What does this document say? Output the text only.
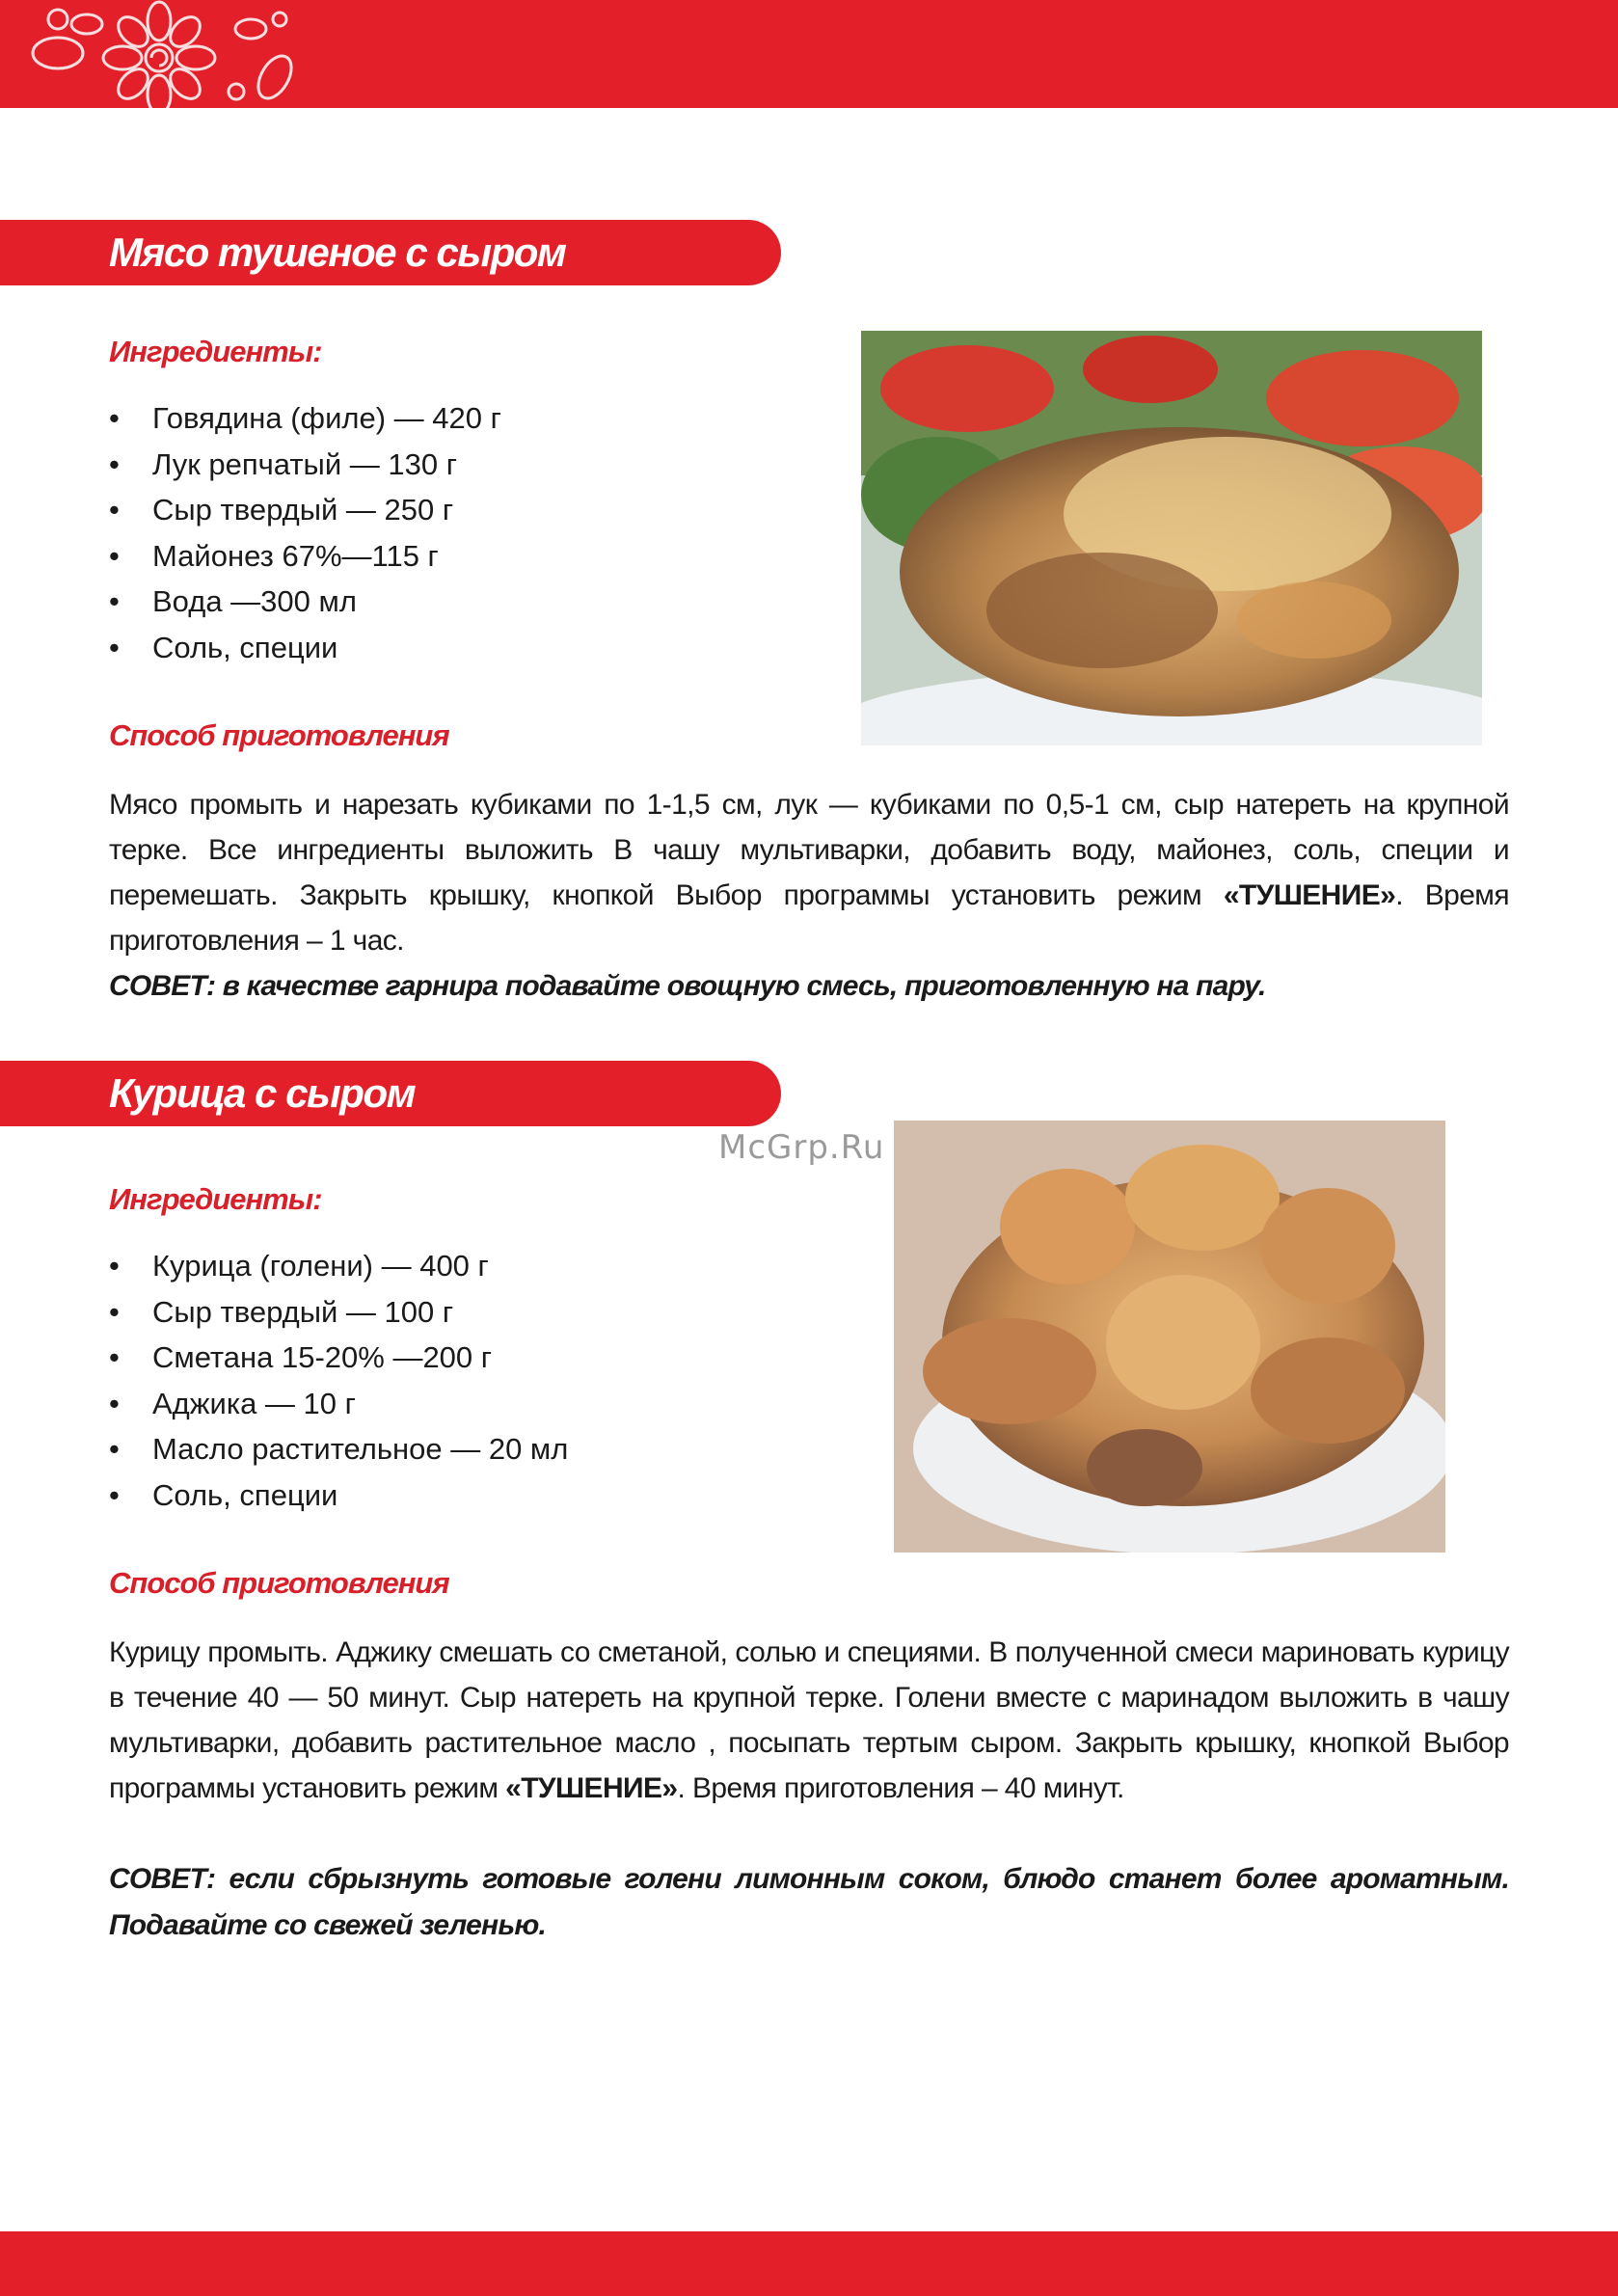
Мясо тушеное с сыром
Ингредиенты:
• Говядина (филе) — 420 г
• Лук репчатый — 130 г
• Сыр твердый — 250 г
• Майонез 67%—115 г
• Вода —300 мл
• Соль, специи
Способ приготовления
Мясо промыть и нарезать кубиками по 1-1,5 см, лук — кубиками по 0,5-1 см, сыр натереть на крупной терке. Все ингредиенты выложить В чашу мультиварки, добавить воду, майонез, соль, специи и перемешать. Закрыть крышку, кнопкой Выбор программы установить режим «ТУШЕНИЕ». Время приготовления – 1 час.
СОВЕТ: в качестве гарнира подавайте овощную смесь, приготовленную на пару.
Курица с сыром
Ингредиенты:
• Курица (голени) — 400 г
• Сыр твердый — 100 г
• Сметана 15-20% —200 г
• Аджика — 10 г
• Масло растительное — 20 мл
• Соль, специи
Способ приготовления
Курицу промыть. Аджику смешать со сметаной, солью и специями. В полученной смеси мариновать курицу в течение 40 — 50 минут. Сыр натереть на крупной терке. Голени вместе с маринадом выложить в чашу мультиварки, добавить растительное масло , посыпать тертым сыром. Закрыть крышку, кнопкой Выбор программы установить режим «ТУШЕНИЕ». Время приготовления – 40 минут.
СОВЕТ: если сбрызнуть готовые голени лимонным соком, блюдо станет более ароматным. Подавайте со свежей зеленью.
McGrp.Ru
